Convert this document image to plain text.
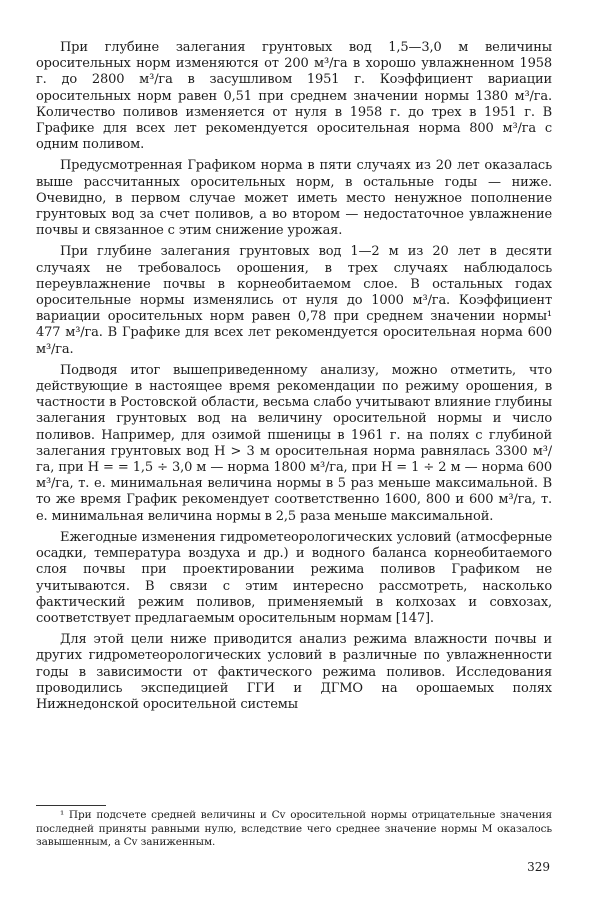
При глубине залегания грунтовых вод 1,5—3,0 м величины оросительных норм изменяются от 200 м³/га в хорошо увлажненном 1958 г. до 2800 м³/га в засушливом 1951 г. Коэффициент вариации оросительных норм равен 0,51 при среднем значении нормы 1380 м³/га. Количество поливов изменяется от нуля в 1958 г. до трех в 1951 г. В Графике для всех лет рекомендуется оросительная норма 800 м³/га с одним поливом.

Предусмотренная Графиком норма в пяти случаях из 20 лет оказалась выше рассчитанных оросительных норм, в остальные годы — ниже. Очевидно, в первом случае может иметь место ненужное пополнение грунтовых вод за счет поливов, а во втором — недостаточное увлажнение почвы и связанное с этим снижение урожая.

При глубине залегания грунтовых вод 1—2 м из 20 лет в десяти случаях не требовалось орошения, в трех случаях наблюдалось переувлажнение почвы в корнеобитаемом слое. В остальных годах оросительные нормы изменялись от нуля до 1000 м³/га. Коэффициент вариации оросительных норм равен 0,78 при среднем значении нормы¹ 477 м³/га. В Графике для всех лет рекомендуется оросительная норма 600 м³/га.

Подводя итог вышеприведенному анализу, можно отметить, что действующие в настоящее время рекомендации по режиму орошения, в частности в Ростовской области, весьма слабо учитывают влияние глубины залегания грунтовых вод на величину оросительной нормы и число поливов. Например, для озимой пшеницы в 1961 г. на полях с глубиной залегания грунтовых вод H > 3 м оросительная норма равнялась 3300 м³/га, при H = = 1,5 ÷ 3,0 м — норма 1800 м³/га, при H = 1 ÷ 2 м — норма 600 м³/га, т. е. минимальная величина нормы в 5 раз меньше максимальной. В то же время График рекомендует соответственно 1600, 800 и 600 м³/га, т. е. минимальная величина нормы в 2,5 раза меньше максимальной.

Ежегодные изменения гидрометеорологических условий (атмосферные осадки, температура воздуха и др.) и водного баланса корнеобитаемого слоя почвы при проектировании режима поливов Графиком не учитываются. В связи с этим интересно рассмотреть, насколько фактический режим поливов, применяемый в колхозах и совхозах, соответствует предлагаемым оросительным нормам [147].

Для этой цели ниже приводится анализ режима влажности почвы и других гидрометеорологических условий в различные по увлажненности годы в зависимости от фактического режима поливов. Исследования проводились экспедицией ГГИ и ДГМО на орошаемых полях Нижнедонской оросительной системы

¹ При подсчете средней величины и Cv оросительной нормы отрицательные значения последней приняты равными нулю, вследствие чего среднее значение нормы M оказалось завышенным, а Cv заниженным.

329
